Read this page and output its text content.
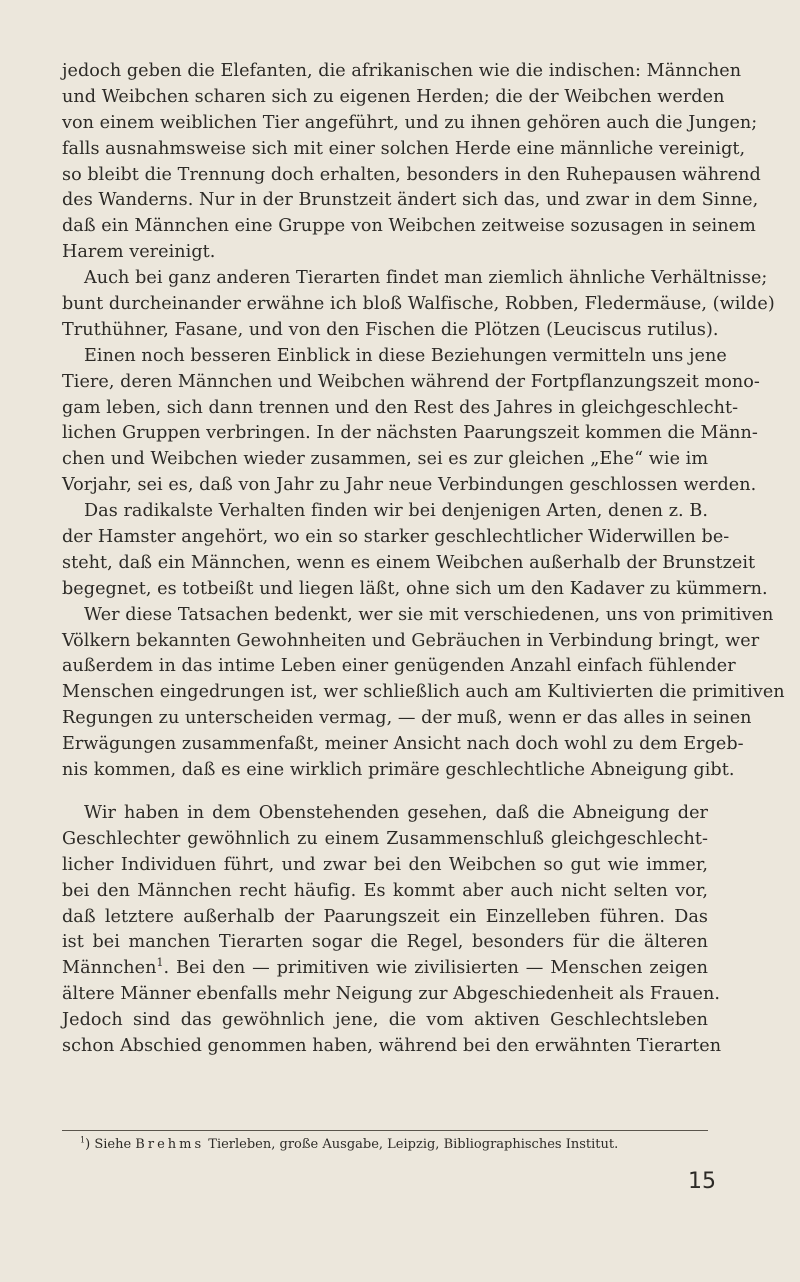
jedoch geben die Elefanten, die afrikanischen wie die indischen: Männchen
und Weibchen scharen sich zu eigenen Herden; die der Weibchen werden
von einem weiblichen Tier angeführt, und zu ihnen gehören auch die Jungen;
falls ausnahmsweise sich mit einer solchen Herde eine männliche vereinigt,
so bleibt die Trennung doch erhalten, besonders in den Ruhepausen während
des Wanderns. Nur in der Brunstzeit ändert sich das, und zwar in dem Sinne,
daß ein Männchen eine Gruppe von Weibchen zeitweise sozusagen in seinem
Harem vereinigt.
Auch bei ganz anderen Tierarten findet man ziemlich ähnliche Verhältnisse;
bunt durcheinander erwähne ich bloß Walfische, Robben, Fledermäuse, (wilde)
Truthühner, Fasane, und von den Fischen die Plötzen (Leuciscus rutilus).
Einen noch besseren Einblick in diese Beziehungen vermitteln uns jene
Tiere, deren Männchen und Weibchen während der Fortpflanzungszeit mono-
gam leben, sich dann trennen und den Rest des Jahres in gleichgeschlecht-
lichen Gruppen verbringen. In der nächsten Paarungszeit kommen die Männ-
chen und Weibchen wieder zusammen, sei es zur gleichen „Ehe“ wie im
Vorjahr, sei es, daß von Jahr zu Jahr neue Verbindungen geschlossen werden.
Das radikalste Verhalten finden wir bei denjenigen Arten, denen z. B.
der Hamster angehört, wo ein so starker geschlechtlicher Widerwillen be-
steht, daß ein Männchen, wenn es einem Weibchen außerhalb der Brunstzeit
begegnet, es totbeißt und liegen läßt, ohne sich um den Kadaver zu kümmern.
Wer diese Tatsachen bedenkt, wer sie mit verschiedenen, uns von primitiven
Völkern bekannten Gewohnheiten und Gebräuchen in Verbindung bringt, wer
außerdem in das intime Leben einer genügenden Anzahl einfach fühlender
Menschen eingedrungen ist, wer schließlich auch am Kultivierten die primitiven
Regungen zu unterscheiden vermag, — der muß, wenn er das alles in seinen
Erwägungen zusammenfaßt, meiner Ansicht nach doch wohl zu dem Ergeb-
nis kommen, daß es eine wirklich primäre geschlechtliche Abneigung gibt.
Wir haben in dem Obenstehenden gesehen, daß die Abneigung der
Geschlechter gewöhnlich zu einem Zusammenschluß gleichgeschlecht-
licher Individuen führt, und zwar bei den Weibchen so gut wie immer,
bei den Männchen recht häufig. Es kommt aber auch nicht selten vor,
daß letztere außerhalb der Paarungszeit ein Einzelleben führen. Das
ist bei manchen Tierarten sogar die Regel, besonders für die älteren
Männchen$^1$. Bei den — primitiven wie zivilisierten — Menschen zeigen
ältere Männer ebenfalls mehr Neigung zur Abgeschiedenheit als Frauen.
Jedoch sind das gewöhnlich jene, die vom aktiven Geschlechtsleben
schon Abschied genommen haben, während bei den erwähnten Tierarten
$^1$) Siehe Brehms Tierleben, große Ausgabe, Leipzig, Bibliographisches Institut.
15
